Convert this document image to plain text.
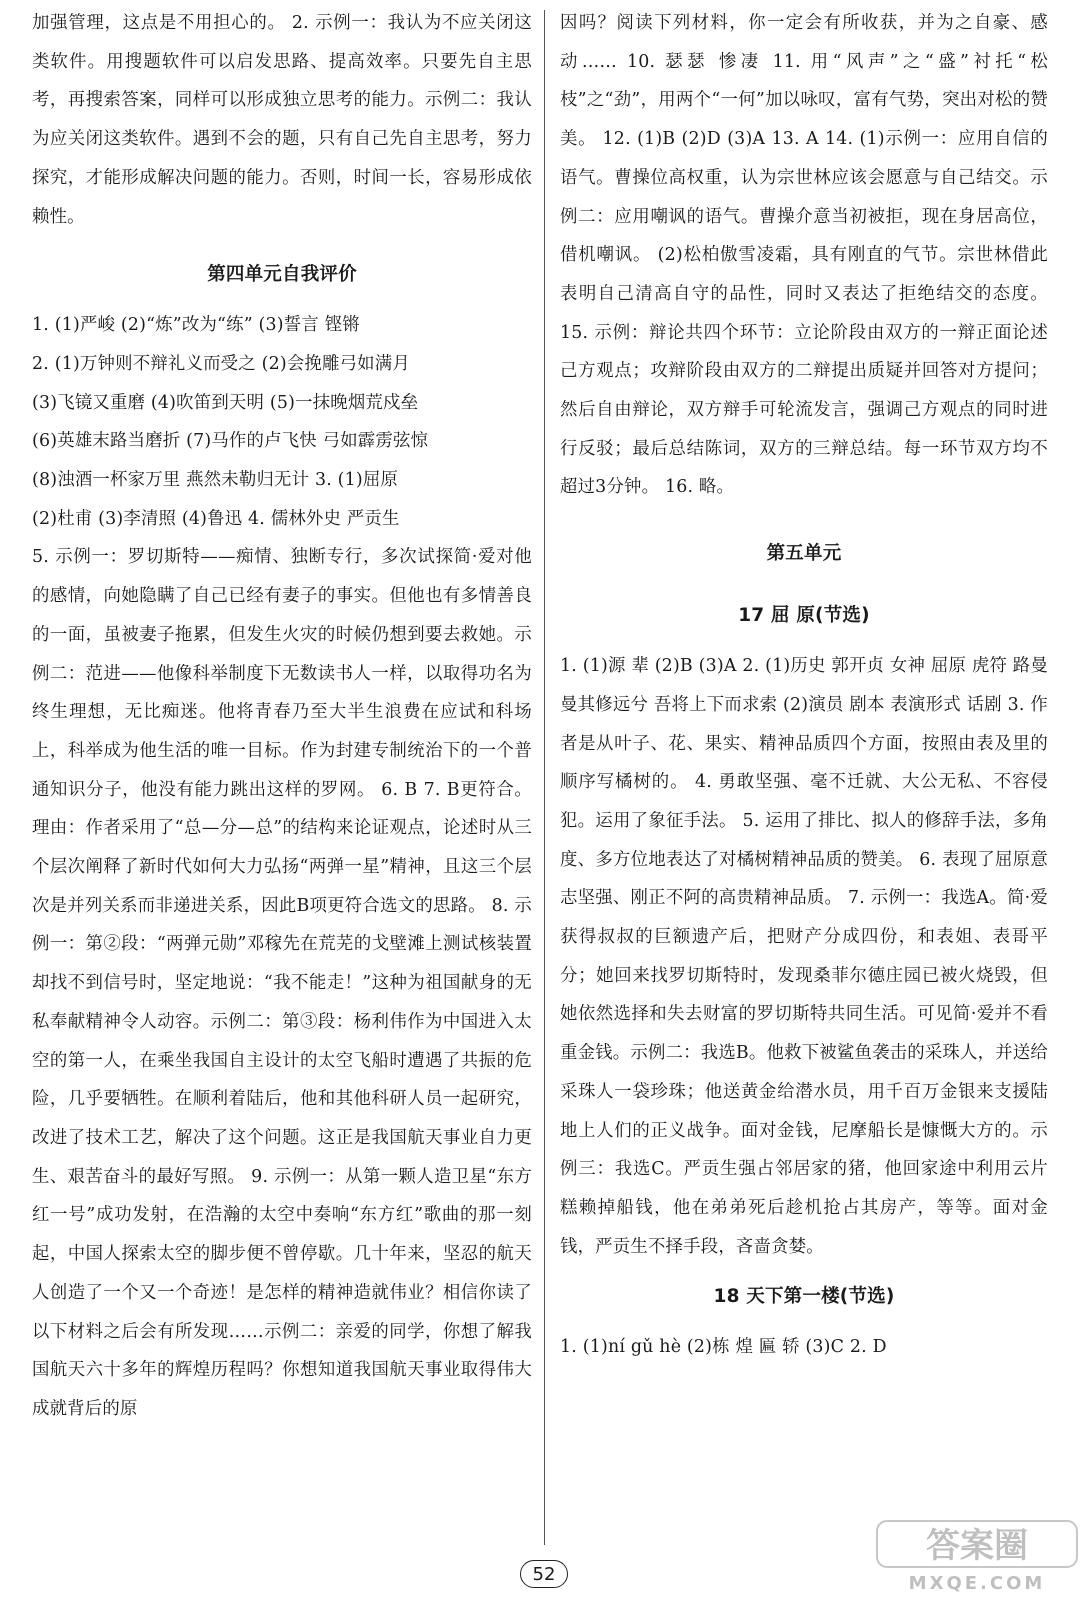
加强管理，这点是不用担心的。 2. 示例一：我认为不应关闭这类软件。用搜题软件可以启发思路、提高效率。只要先自主思考，再搜索答案，同样可以形成独立思考的能力。示例二：我认为应关闭这类软件。遇到不会的题，只有自己先自主思考，努力探究，才能形成解决问题的能力。否则，时间一长，容易形成依赖性。

第四单元自我评价

1. (1)严峻 (2)“炼”改为“练” (3)誓言 铿锵

2. (1)万钟则不辩礼义而受之 (2)会挽雕弓如满月

(3)飞镜又重磨 (4)吹笛到天明 (5)一抹晚烟荒戍垒

(6)英雄末路当磨折 (7)马作的卢飞快 弓如霹雳弦惊

(8)浊酒一杯家万里 燕然未勒归无计 3. (1)屈原

(2)杜甫 (3)李清照 (4)鲁迅 4. 儒林外史 严贡生

5. 示例一：罗切斯特——痴情、独断专行，多次试探简·爱对他的感情，向她隐瞒了自己已经有妻子的事实。但他也有多情善良的一面，虽被妻子拖累，但发生火灾的时候仍想到要去救她。示例二：范进——他像科举制度下无数读书人一样，以取得功名为终生理想，无比痴迷。他将青春乃至大半生浪费在应试和科场上，科举成为他生活的唯一目标。作为封建专制统治下的一个普通知识分子，他没有能力跳出这样的罗网。 6. B 7. B更符合。理由：作者采用了“总—分—总”的结构来论证观点，论述时从三个层次阐释了新时代如何大力弘扬“两弹一星”精神，且这三个层次是并列关系而非递进关系，因此B项更符合选文的思路。 8. 示例一：第②段：“两弹元勋”邓稼先在荒芜的戈壁滩上测试核装置却找不到信号时，坚定地说：“我不能走！”这种为祖国献身的无私奉献精神令人动容。示例二：第③段：杨利伟作为中国进入太空的第一人，在乘坐我国自主设计的太空飞船时遭遇了共振的危险，几乎要牺牲。在顺利着陆后，他和其他科研人员一起研究，改进了技术工艺，解决了这个问题。这正是我国航天事业自力更生、艰苦奋斗的最好写照。 9. 示例一：从第一颗人造卫星“东方红一号”成功发射，在浩瀚的太空中奏响“东方红”歌曲的那一刻起，中国人探索太空的脚步便不曾停歇。几十年来，坚忍的航天人创造了一个又一个奇迹！是怎样的精神造就伟业？相信你读了以下材料之后会有所发现……示例二：亲爱的同学，你想了解我国航天六十多年的辉煌历程吗？你想知道我国航天事业取得伟大成就背后的原

因吗？阅读下列材料，你一定会有所收获，并为之自豪、感动…… 10. 瑟瑟 惨凄 11. 用“风声”之“盛”衬托“松枝”之“劲”，用两个“一何”加以咏叹，富有气势，突出对松的赞美。 12. (1)B (2)D (3)A 13. A 14. (1)示例一：应用自信的语气。曹操位高权重，认为宗世林应该会愿意与自己结交。示例二：应用嘲讽的语气。曹操介意当初被拒，现在身居高位，借机嘲讽。 (2)松柏傲雪凌霜，具有刚直的气节。宗世林借此表明自己清高自守的品性，同时又表达了拒绝结交的态度。 15. 示例：辩论共四个环节：立论阶段由双方的一辩正面论述己方观点；攻辩阶段由双方的二辩提出质疑并回答对方提问；然后自由辩论，双方辩手可轮流发言，强调己方观点的同时进行反驳；最后总结陈词，双方的三辩总结。每一环节双方均不超过3分钟。 16. 略。

第五单元
17 屈 原(节选)

1. (1)源 辈 (2)B (3)A 2. (1)历史 郭开贞 女神 屈原 虎符 路曼曼其修远兮 吾将上下而求索 (2)演员 剧本 表演形式 话剧 3. 作者是从叶子、花、果实、精神品质四个方面，按照由表及里的顺序写橘树的。 4. 勇敢坚强、毫不迁就、大公无私、不容侵犯。运用了象征手法。 5. 运用了排比、拟人的修辞手法，多角度、多方位地表达了对橘树精神品质的赞美。 6. 表现了屈原意志坚强、刚正不阿的高贵精神品质。 7. 示例一：我选A。简·爱获得叔叔的巨额遗产后，把财产分成四份，和表姐、表哥平分；她回来找罗切斯特时，发现桑菲尔德庄园已被火烧毁，但她依然选择和失去财富的罗切斯特共同生活。可见简·爱并不看重金钱。示例二：我选B。他救下被鲨鱼袭击的采珠人，并送给采珠人一袋珍珠；他送黄金给潜水员，用千百万金银来支援陆地上人们的正义战争。面对金钱，尼摩船长是慷慨大方的。示例三：我选C。严贡生强占邻居家的猪，他回家途中利用云片糕赖掉船钱，他在弟弟死后趁机抢占其房产，等等。面对金钱，严贡生不择手段，吝啬贪婪。

18 天下第一楼(节选)

1. (1)ní gǔ hè (2)栋 煌 匾 轿 (3)C 2. D

52
答案圈
MXQE.COM
